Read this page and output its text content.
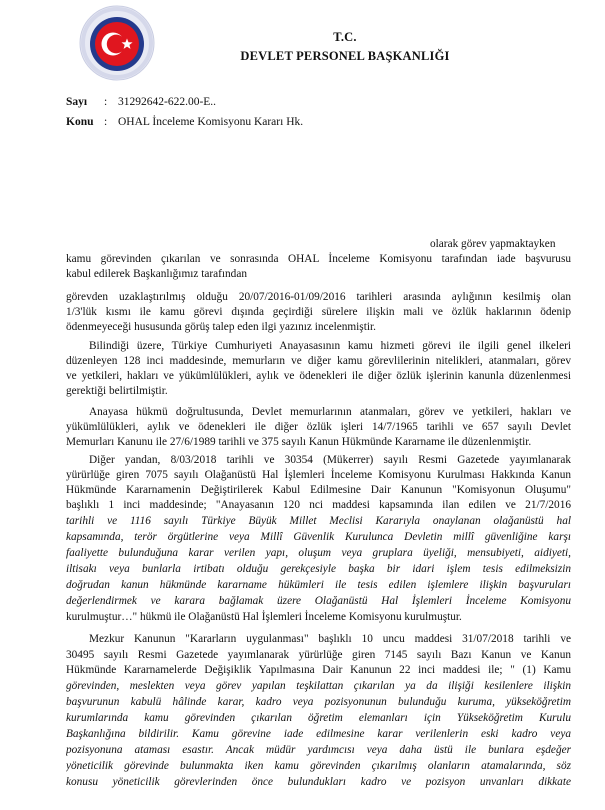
T.C.
DEVLET PERSONEL BAŞKANLIĞI
Sayı : 31292642-622.00-E..
Konu : OHAL İnceleme Komisyonu Kararı Hk.
olarak görev yapmaktayken
kamu görevinden çıkarılan ve sonrasında OHAL İnceleme Komisyonu tarafından iade başvurusu
kabul edilerek Başkanlığımız tarafından
görevden uzaklaştırılmış olduğu 20/07/2016-01/09/2016 tarihleri arasında aylığının kesilmiş olan
1/3'lük kısmı ile kamu görevi dışında geçirdiği sürelere ilişkin mali ve özlük haklarının ödenip
ödenmeyeceği hususunda görüş talep eden ilgi yazınız incelenmiştir.
Bilindiği üzere, Türkiye Cumhuriyeti Anayasasının kamu hizmeti görevi ile ilgili genel ilkeleri
düzenleyen 128 inci maddesinde, memurların ve diğer kamu görevlilerinin nitelikleri, atanmaları, görev
ve yetkileri, hakları ve yükümlülükleri, aylık ve ödenekleri ile diğer özlük işlerinin kanunla düzenlenmesi
gerektiği belirtilmiştir.
Anayasa hükmü doğrultusunda, Devlet memurlarının atanmaları, görev ve yetkileri, hakları ve
yükümlülükleri, aylık ve ödenekleri ile diğer özlük işleri 14/7/1965 tarihli ve 657 sayılı Devlet
Memurları Kanunu ile 27/6/1989 tarihli ve 375 sayılı Kanun Hükmünde Kararname ile düzenlenmiştir.
Diğer yandan, 8/03/2018 tarihli ve 30354 (Mükerrer) sayılı Resmi Gazetede yayımlanarak
yürürlüğe giren 7075 sayılı Olağanüstü Hal İşlemleri İnceleme Komisyonu Kurulması Hakkında Kanun
Hükmünde Kararnamenin Değiştirilerek Kabul Edilmesine Dair Kanunun "Komisyonun Oluşumu"
başlıklı 1 inci maddesinde; "Anayasanın 120 nci maddesi kapsamında ilan edilen ve 21/7/2016
tarihli ve 1116 sayılı Türkiye Büyük Millet Meclisi Kararıyla onaylanan olağanüstü hal
kapsamında, terör örgütlerine veya Millî Güvenlik Kurulunca Devletin millî güvenliğine karşı
faaliyette bulunduğuna karar verilen yapı, oluşum veya gruplara üyeliği, mensubiyeti, aidiyeti,
iltisakı veya bunlarla irtibatı olduğu gerekçesiyle başka bir idari işlem tesis edilmeksizin
doğrudan kanun hükmünde kararname hükümleri ile tesis edilen işlemlere ilişkin başvuruları
değerlendirmek ve karara bağlamak üzere Olağanüstü Hal İşlemleri İnceleme Komisyonu
kurulmuştur…" hükmü ile Olağanüstü Hal İşlemleri İnceleme Komisyonu kurulmuştur.
Mezkur Kanunun "Kararların uygulanması" başlıklı 10 uncu maddesi 31/07/2018 tarihli ve
30495 sayılı Resmi Gazetede yayımlanarak yürürlüğe giren 7145 sayılı Bazı Kanun ve Kanun
Hükmünde Kararnamelerde Değişiklik Yapılmasına Dair Kanunun 22 inci maddesi ile; " (1) Kamu
görevinden, meslekten veya görev yapılan teşkilattan çıkarılan ya da ilişiği kesilenlere ilişkin
başvurunun kabulü hâlinde karar, kadro veya pozisyonunun bulunduğu kuruma, yükseköğretim
kurumlarında kamu görevinden çıkarılan öğretim elemanları için Yükseköğretim Kurulu
Başkanlığına bildirilir. Kamu görevine iade edilmesine karar verilenlerin eski kadro veya
pozisyonuna ataması esastır. Ancak müdür yardımcısı veya daha üstü ile bunlara eşdeğer
yöneticilik görevinde bulunmakta iken kamu görevinden çıkarılmış olanların atamalarında, söz
konusu yöneticilik görevlerinden önce bulundukları kadro ve pozisyon unvanları dikkate
